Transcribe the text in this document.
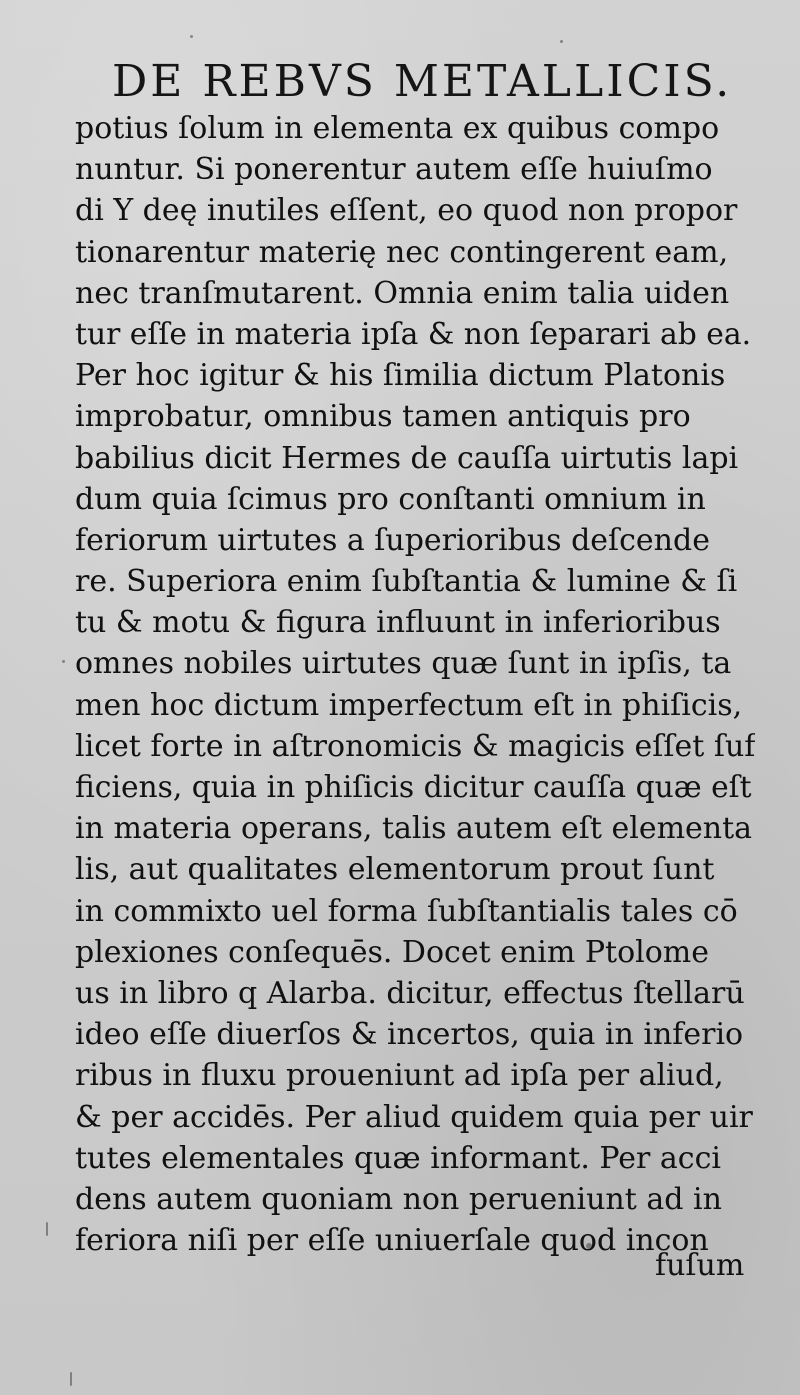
DE REBVS METALLICIS.
potius ſolum in elementa ex quibus compo
nuntur. Si ponerentur autem eſſe huiuſmo
di Y deę inutiles eſſent, eo quod non propor
tionarentur materię nec contingerent eam,
nec tranſmutarent. Omnia enim talia uiden
tur eſſe in materia ipſa & non ſeparari ab ea.
Per hoc igitur & his ſimilia dictum Platonis
improbatur, omnibus tamen antiquis pro
babilius dicit Hermes de cauſſa uirtutis lapi
dum quia ſcimus pro conſtanti omnium in
feriorum uirtutes a ſuperioribus deſcende
re. Superiora enim ſubſtantia & lumine & ſi
tu & motu & figura influunt in inferioribus
omnes nobiles uirtutes quæ ſunt in ipſis, ta
men hoc dictum imperfectum eſt in phiſicis,
licet forte in aſtronomicis & magicis eſſet ſuf
ficiens, quia in phiſicis dicitur cauſſa quæ eſt
in materia operans, talis autem eſt elementa
lis, aut qualitates elementorum prout ſunt
in commixto uel forma ſubſtantialis tales cō
plexiones conſequēs. Docet enim Ptolome
us in libro q Alarba. dicitur, effectus ſtellarū
ideo eſſe diuerſos & incertos, quia in inferio
ribus in fluxu proueniunt ad ipſa per aliud,
& per accidēs. Per aliud quidem quia per uir
tutes elementales quæ informant. Per acci
dens autem quoniam non perueniunt ad in
feriora niſi per eſſe uniuerſale quod incon
fuſum
